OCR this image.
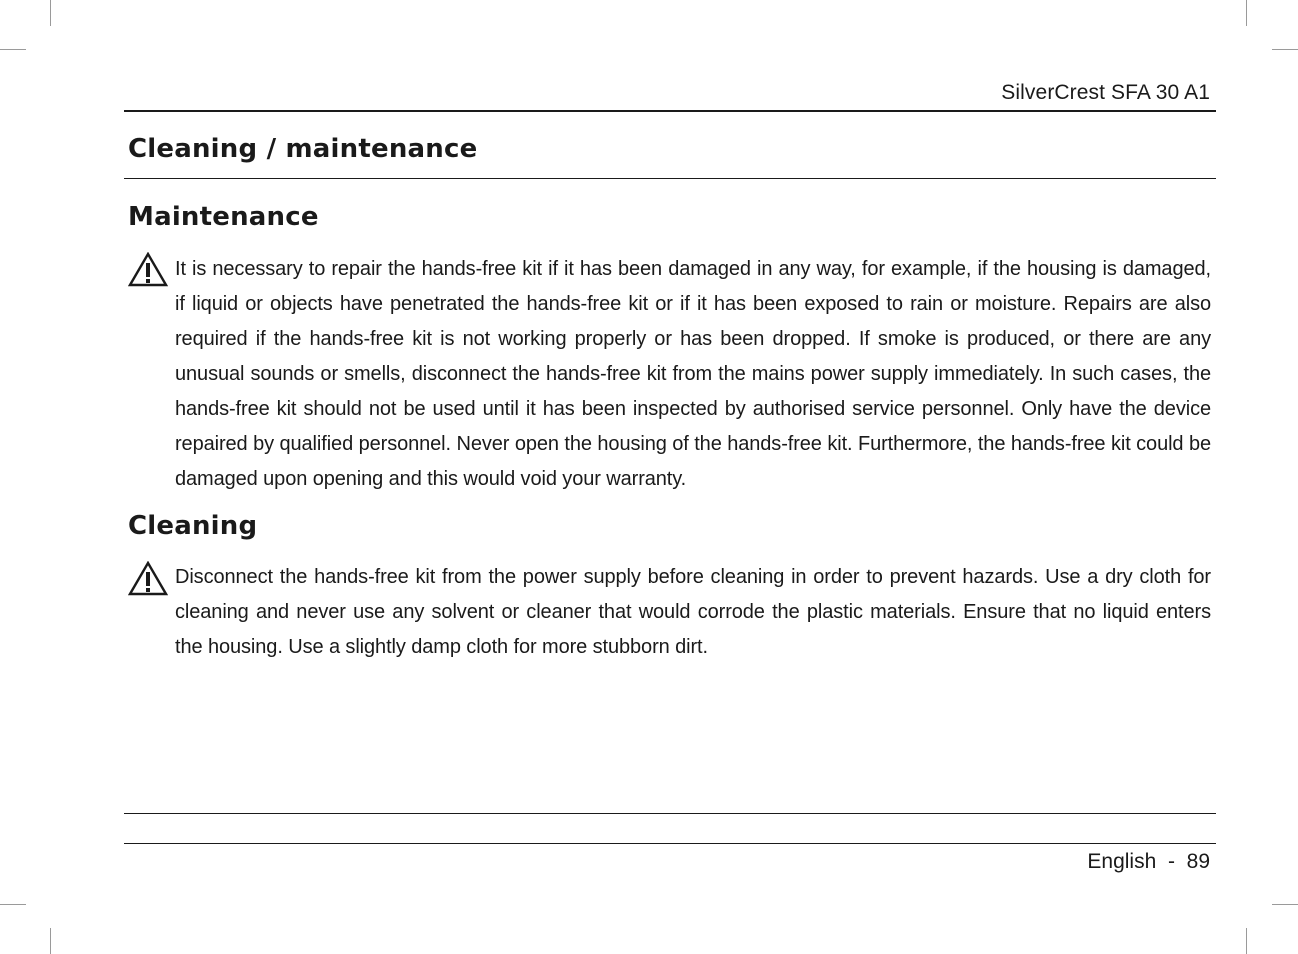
SilverCrest SFA 30 A1
Cleaning / maintenance
Maintenance

It is necessary to repair the hands-free kit if it has been damaged in any way, for example, if the housing is damaged, if liquid or objects have penetrated the hands-free kit or if it has been exposed to rain or moisture. Repairs are also required if the hands-free kit is not working properly or has been dropped. If smoke is produced, or there are any unusual sounds or smells, disconnect the hands-free kit from the mains power supply immediately. In such cases, the hands-free kit should not be used until it has been inspected by authorised service personnel. Only have the device repaired by qualified personnel. Never open the housing of the hands-free kit. Furthermore, the hands-free kit could be damaged upon opening and this would void your warranty.

Cleaning

Disconnect the hands-free kit from the power supply before cleaning in order to prevent hazards. Use a dry cloth for cleaning and never use any solvent or cleaner that would corrode the plastic materials. Ensure that no liquid enters the housing. Use a slightly damp cloth for more stubborn dirt.

English - 89
